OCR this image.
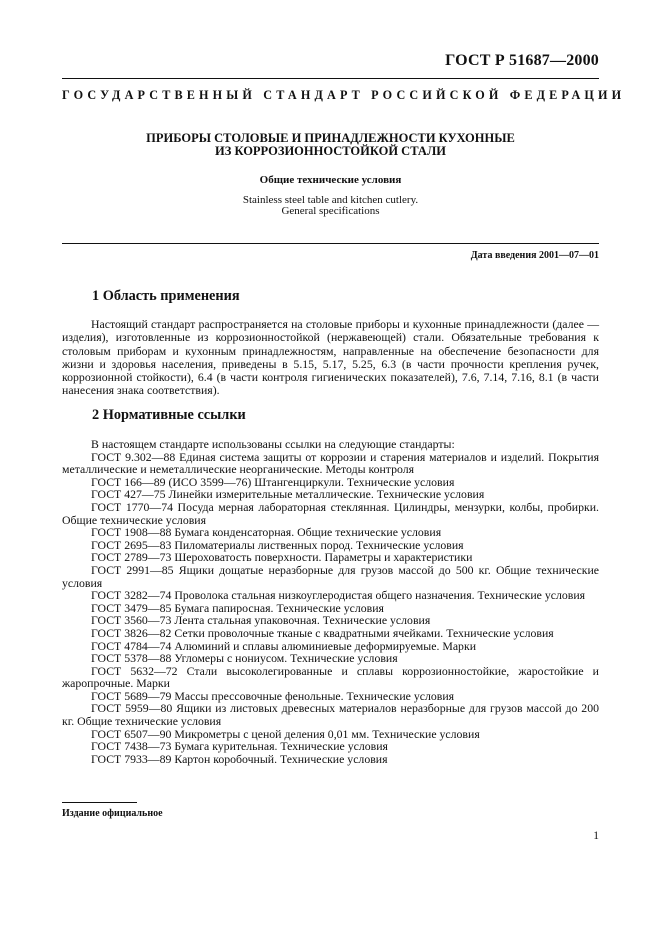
ГОСТ Р 51687—2000
ГОСУДАРСТВЕННЫЙ СТАНДАРТ РОССИЙСКОЙ ФЕДЕРАЦИИ
ПРИБОРЫ СТОЛОВЫЕ И ПРИНАДЛЕЖНОСТИ КУХОННЫЕ
ИЗ КОРРОЗИОННОСТОЙКОЙ СТАЛИ
Общие технические условия
Stainless steel table and kitchen cutlery.
General specifications
Дата введения 2001—07—01
1 Область применения
Настоящий стандарт распространяется на столовые приборы и кухонные принадлежности (далее — изделия), изготовленные из коррозионностойкой (нержавеющей) стали. Обязательные требования к столовым приборам и кухонным принадлежностям, направленные на обеспечение безопасности для жизни и здоровья населения, приведены в 5.15, 5.17, 5.25, 6.3 (в части прочности крепления ручек, коррозионной стойкости), 6.4 (в части контроля гигиенических показателей), 7.6, 7.14, 7.16, 8.1 (в части нанесения знака соответствия).
2 Нормативные ссылки
В настоящем стандарте использованы ссылки на следующие стандарты:
ГОСТ 9.302—88 Единая система защиты от коррозии и старения материалов и изделий. Покрытия металлические и неметаллические неорганические. Методы контроля
ГОСТ 166—89 (ИСО 3599—76) Штангенциркули. Технические условия
ГОСТ 427—75 Линейки измерительные металлические. Технические условия
ГОСТ 1770—74 Посуда мерная лабораторная стеклянная. Цилиндры, мензурки, колбы, пробирки. Общие технические условия
ГОСТ 1908—88 Бумага конденсаторная. Общие технические условия
ГОСТ 2695—83 Пиломатериалы лиственных пород. Технические условия
ГОСТ 2789—73 Шероховатость поверхности. Параметры и характеристики
ГОСТ 2991—85 Ящики дощатые неразборные для грузов массой до 500 кг. Общие технические условия
ГОСТ 3282—74 Проволока стальная низкоуглеродистая общего назначения. Технические условия
ГОСТ 3479—85 Бумага папиросная. Технические условия
ГОСТ 3560—73 Лента стальная упаковочная. Технические условия
ГОСТ 3826—82 Сетки проволочные тканые с квадратными ячейками. Технические условия
ГОСТ 4784—74 Алюминий и сплавы алюминиевые деформируемые. Марки
ГОСТ 5378—88 Угломеры с нониусом. Технические условия
ГОСТ 5632—72 Стали высоколегированные и сплавы коррозионностойкие, жаростойкие и жаропрочные. Марки
ГОСТ 5689—79 Массы прессовочные фенольные. Технические условия
ГОСТ 5959—80 Ящики из листовых древесных материалов неразборные для грузов массой до 200 кг. Общие технические условия
ГОСТ 6507—90 Микрометры с ценой деления 0,01 мм. Технические условия
ГОСТ 7438—73 Бумага курительная. Технические условия
ГОСТ 7933—89 Картон коробочный. Технические условия
Издание официальное
1
